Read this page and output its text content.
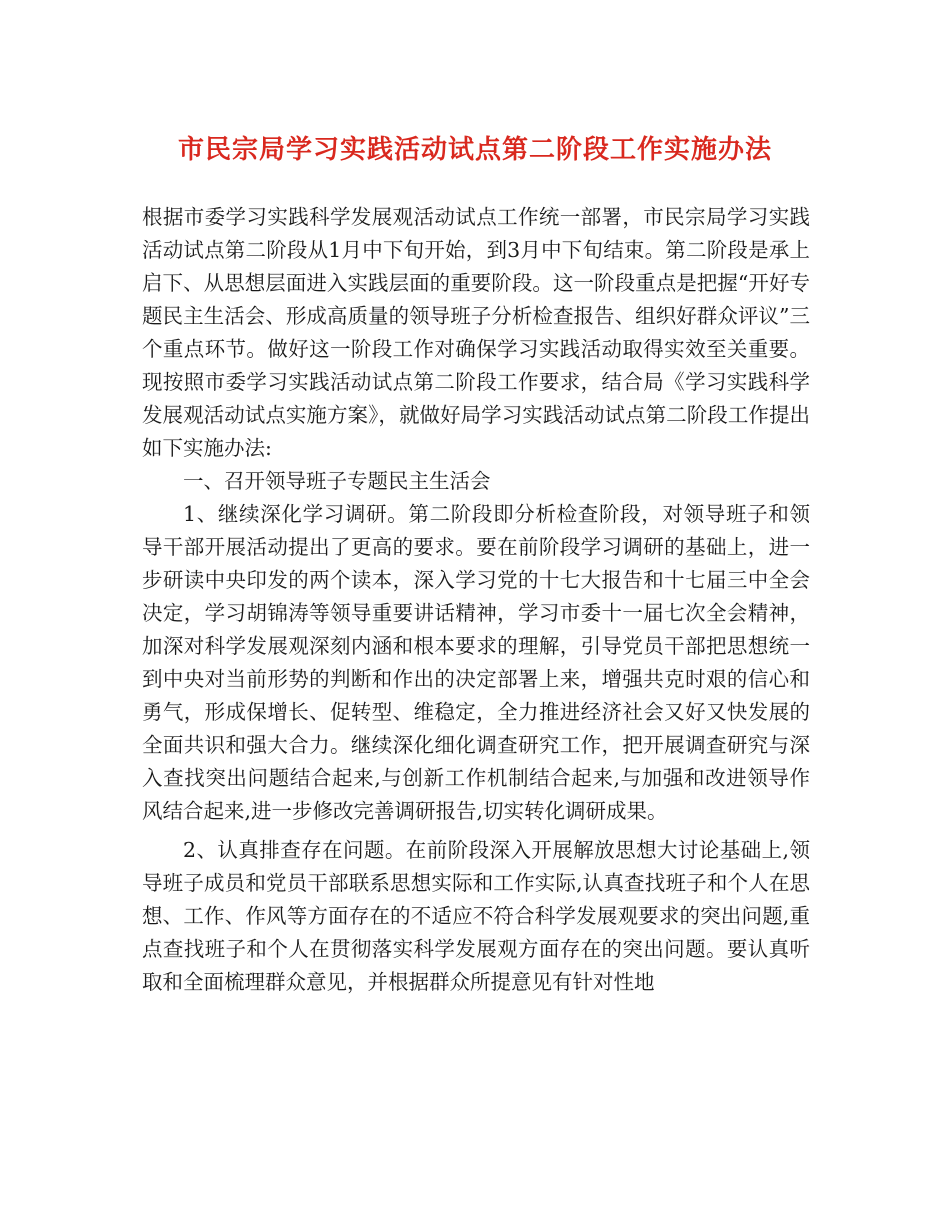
市民宗局学习实践活动试点第二阶段工作实施办法

根据市委学习实践科学发展观活动试点工作统一部署，市民宗局学习实践活动试点第二阶段从1月中下旬开始，到3月中下旬结束。第二阶段是承上启下、从思想层面进入实践层面的重要阶段。这一阶段重点是把握“开好专题民主生活会、形成高质量的领导班子分析检查报告、组织好群众评议”三个重点环节。做好这一阶段工作对确保学习实践活动取得实效至关重要。现按照市委学习实践活动试点第二阶段工作要求，结合局《学习实践科学发展观活动试点实施方案》，就做好局学习实践活动试点第二阶段工作提出如下实施办法:

一、召开领导班子专题民主生活会

1、继续深化学习调研。第二阶段即分析检查阶段，对领导班子和领导干部开展活动提出了更高的要求。要在前阶段学习调研的基础上，进一步研读中央印发的两个读本，深入学习党的十七大报告和十七届三中全会决定，学习胡锦涛等领导重要讲话精神，学习市委十一届七次全会精神，加深对科学发展观深刻内涵和根本要求的理解，引导党员干部把思想统一到中央对当前形势的判断和作出的决定部署上来，增强共克时艰的信心和勇气，形成保增长、促转型、维稳定，全力推进经济社会又好又快发展的全面共识和强大合力。继续深化细化调查研究工作，把开展调查研究与深入查找突出问题结合起来,与创新工作机制结合起来,与加强和改进领导作风结合起来,进一步修改完善调研报告,切实转化调研成果。

2、认真排查存在问题。在前阶段深入开展解放思想大讨论基础上,领导班子成员和党员干部联系思想实际和工作实际,认真查找班子和个人在思想、工作、作风等方面存在的不适应不符合科学发展观要求的突出问题,重点查找班子和个人在贯彻落实科学发展观方面存在的突出问题。要认真听取和全面梳理群众意见，并根据群众所提意见有针对性地
